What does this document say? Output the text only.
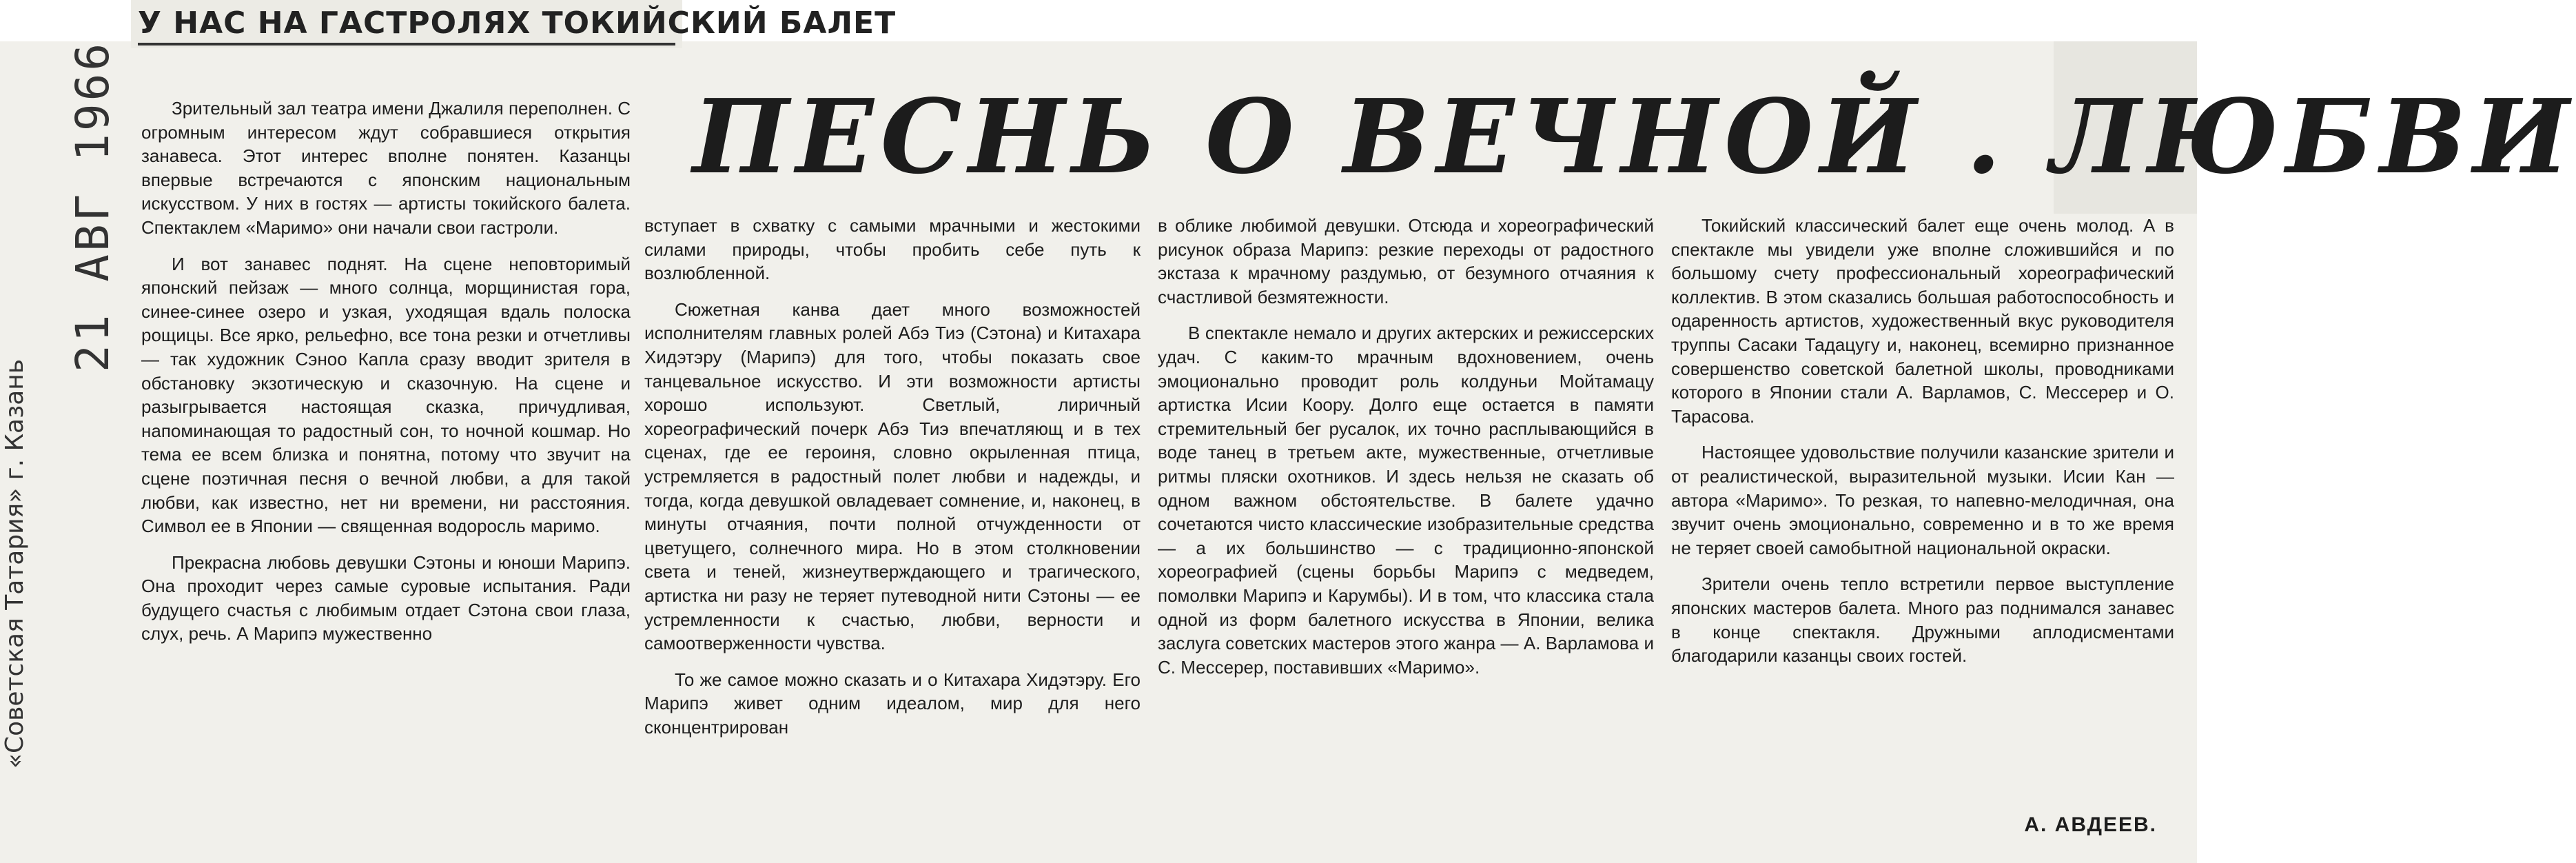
У НАС НА ГАСТРОЛЯХ ТОКИЙСКИЙ БАЛЕТ
ПЕСНЬ О ВЕЧНОЙ . ЛЮБВИ
21 АВГ 1966
«Советская Татария» г. Казань

Зрительный зал театра имени Джалиля переполнен. С огромным интересом ждут собравшиеся открытия занавеса. Этот интерес вполне понятен. Казанцы впервые встречаются с японским национальным искусством. У них в гостях — артисты токийского балета. Спектаклем «Маримо» они начали свои гастроли.

И вот занавес поднят. На сцене неповторимый японский пейзаж — много солнца, морщинистая гора, синее-синее озеро и узкая, уходящая вдаль полоска рощицы. Все ярко, рельефно, все тона резки и отчетливы — так художник Сэноо Капла сразу вводит зрителя в обстановку экзотическую и сказочную. На сцене и разыгрывается настоящая сказка, причудливая, напоминающая то радостный сон, то ночной кошмар. Но тема ее всем близка и понятна, потому что звучит на сцене поэтичная песня о вечной любви, а для такой любви, как известно, нет ни времени, ни расстояния. Символ ее в Японии — священная водоросль маримо.

Прекрасна любовь девушки Сэтоны и юноши Марипэ. Она проходит через самые суровые испытания. Ради будущего счастья с любимым отдает Сэтона свои глаза, слух, речь. А Марипэ мужественно

вступает в схватку с самыми мрачными и жестокими силами природы, чтобы пробить себе путь к возлюбленной.

Сюжетная канва дает много возможностей исполнителям главных ролей Абэ Тиэ (Сэтона) и Китахара Хидэтэру (Марипэ) для того, чтобы показать свое танцевальное искусство. И эти возможности артисты хорошо используют. Светлый, лиричный хореографический почерк Абэ Тиэ впечатляющ и в тех сценах, где ее героиня, словно окрыленная птица, устремляется в радостный полет любви и надежды, и тогда, когда девушкой овладевает сомнение, и, наконец, в минуты отчаяния, почти полной отчужденности от цветущего, солнечного мира. Но в этом столкновении света и теней, жизнеутверждающего и трагического, артистка ни разу не теряет путеводной нити Сэтоны — ее устремленности к счастью, любви, верности и самоотверженности чувства.

То же самое можно сказать и о Китахара Хидэтэру. Его Марипэ живет одним идеалом, мир для него сконцентрирован

в облике любимой девушки. Отсюда и хореографический рисунок образа Марипэ: резкие переходы от радостного экстаза к мрачному раздумью, от безумного отчаяния к счастливой безмятежности.

В спектакле немало и других актерских и режиссерских удач. С каким-то мрачным вдохновением, очень эмоционально проводит роль колдуньи Мойтамацу артистка Исии Коору. Долго еще остается в памяти стремительный бег русалок, их точно расплывающийся в воде танец в третьем акте, мужественные, отчетливые ритмы пляски охотников. И здесь нельзя не сказать об одном важном обстоятельстве. В балете удачно сочетаются чисто классические изобразительные средства — а их большинство — с традиционно-японской хореографией (сцены борьбы Марипэ с медведем, помолвки Марипэ и Карумбы). И в том, что классика стала одной из форм балетного искусства в Японии, велика заслуга советских мастеров этого жанра — А. Варламова и С. Мессерер, поставивших «Маримо».

Токийский классический балет еще очень молод. А в спектакле мы увидели уже вполне сложившийся и по большому счету профессиональный хореографический коллектив. В этом сказались большая работоспособность и одаренность артистов, художественный вкус руководителя труппы Сасаки Тадацугу и, наконец, всемирно признанное совершенство советской балетной школы, проводниками которого в Японии стали А. Варламов, С. Мессерер и О. Тарасова.

Настоящее удовольствие получили казанские зрители и от реалистической, выразительной музыки. Исии Кан — автора «Маримо». То резкая, то напевно-мелодичная, она звучит очень эмоционально, современно и в то же время не теряет своей самобытной национальной окраски.

Зрители очень тепло встретили первое выступление японских мастеров балета. Много раз поднимался занавес в конце спектакля. Дружными аплодисментами благодарили казанцы своих гостей.

А. АВДЕЕВ.
